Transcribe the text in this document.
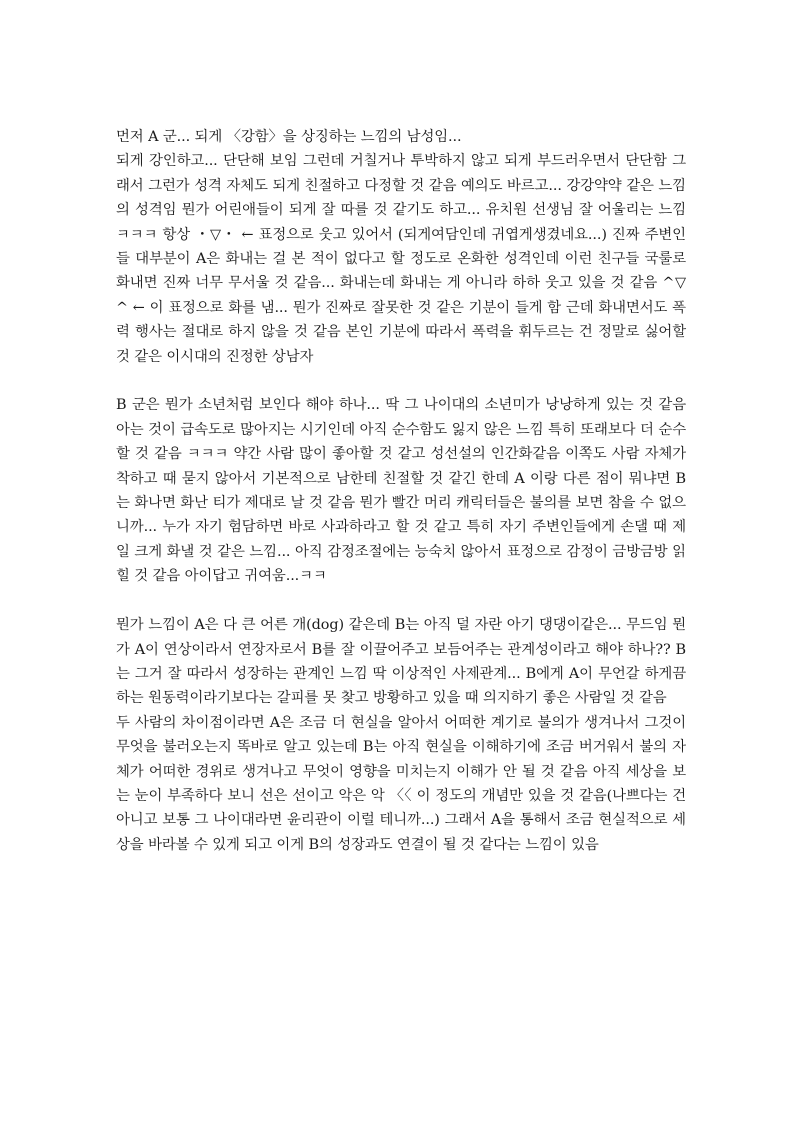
먼저 A 군... 되게 〈강함〉을 상징하는 느낌의 남성임...

되게 강인하고... 단단해 보임 그런데 거칠거나 투박하지 않고 되게 부드러우면서 단단함 그래서 그런가 성격 자체도 되게 친절하고 다정할 것 같음 예의도 바르고... 강강약약 같은 느낌의 성격임 뭔가 어린애들이 되게 잘 따를 것 같기도 하고... 유치원 선생님 잘 어울리는 느낌 ㅋㅋㅋ 항상 ・▽・ ← 표정으로 웃고 있어서 (되게여담인데 귀엽게생겼네요...) 진짜 주변인들 대부분이 A은 화내는 걸 본 적이 없다고 할 정도로 온화한 성격인데 이런 친구들 국룰로 화내면 진짜 너무 무서울 것 같음... 화내는데 화내는 게 아니라 하하 웃고 있을 것 같음 ^▽^ ← 이 표정으로 화를 냄... 뭔가 진짜로 잘못한 것 같은 기분이 들게 함 근데 화내면서도 폭력 행사는 절대로 하지 않을 것 같음 본인 기분에 따라서 폭력을 휘두르는 건 정말로 싫어할 것 같은 이시대의 진정한 상남자

B 군은 뭔가 소년처럼 보인다 해야 하나... 딱 그 나이대의 소년미가 낭낭하게 있는 것 같음 아는 것이 급속도로 많아지는 시기인데 아직 순수함도 잃지 않은 느낌 특히 또래보다 더 순수할 것 같음 ㅋㅋㅋ 약간 사람 많이 좋아할 것 같고 성선설의 인간화같음 이쪽도 사람 자체가 착하고 때 묻지 않아서 기본적으로 남한테 친절할 것 같긴 한데 A 이랑 다른 점이 뭐냐면 B는 화나면 화난 티가 제대로 날 것 같음 뭔가 빨간 머리 캐릭터들은 불의를 보면 참을 수 없으니까... 누가 자기 험담하면 바로 사과하라고 할 것 같고 특히 자기 주변인들에게 손댈 때 제일 크게 화낼 것 같은 느낌... 아직 감정조절에는 능숙치 않아서 표정으로 감정이 금방금방 읽힐 것 같음 아이답고 귀여움...ㅋㅋ

뭔가 느낌이 A은 다 큰 어른 개(dog) 같은데 B는 아직 덜 자란 아기 댕댕이같은... 무드임 뭔가 A이 연상이라서 연장자로서 B를 잘 이끌어주고 보듬어주는 관계성이라고 해야 하나?? B는 그거 잘 따라서 성장하는 관계인 느낌 딱 이상적인 사제관계... B에게 A이 무언갈 하게끔 하는 원동력이라기보다는 갈피를 못 찾고 방황하고 있을 때 의지하기 좋은 사람일 것 같음

두 사람의 차이점이라면 A은 조금 더 현실을 알아서 어떠한 계기로 불의가 생겨나서 그것이 무엇을 불러오는지 똑바로 알고 있는데 B는 아직 현실을 이해하기에 조금 버거워서 불의 자체가 어떠한 경위로 생겨나고 무엇이 영향을 미치는지 이해가 안 될 것 같음 아직 세상을 보는 눈이 부족하다 보니 선은 선이고 악은 악 〈〈 이 정도의 개념만 있을 것 같음(나쁘다는 건 아니고 보통 그 나이대라면 윤리관이 이럴 테니까...) 그래서 A을 통해서 조금 현실적으로 세상을 바라볼 수 있게 되고 이게 B의 성장과도 연결이 될 것 같다는 느낌이 있음
